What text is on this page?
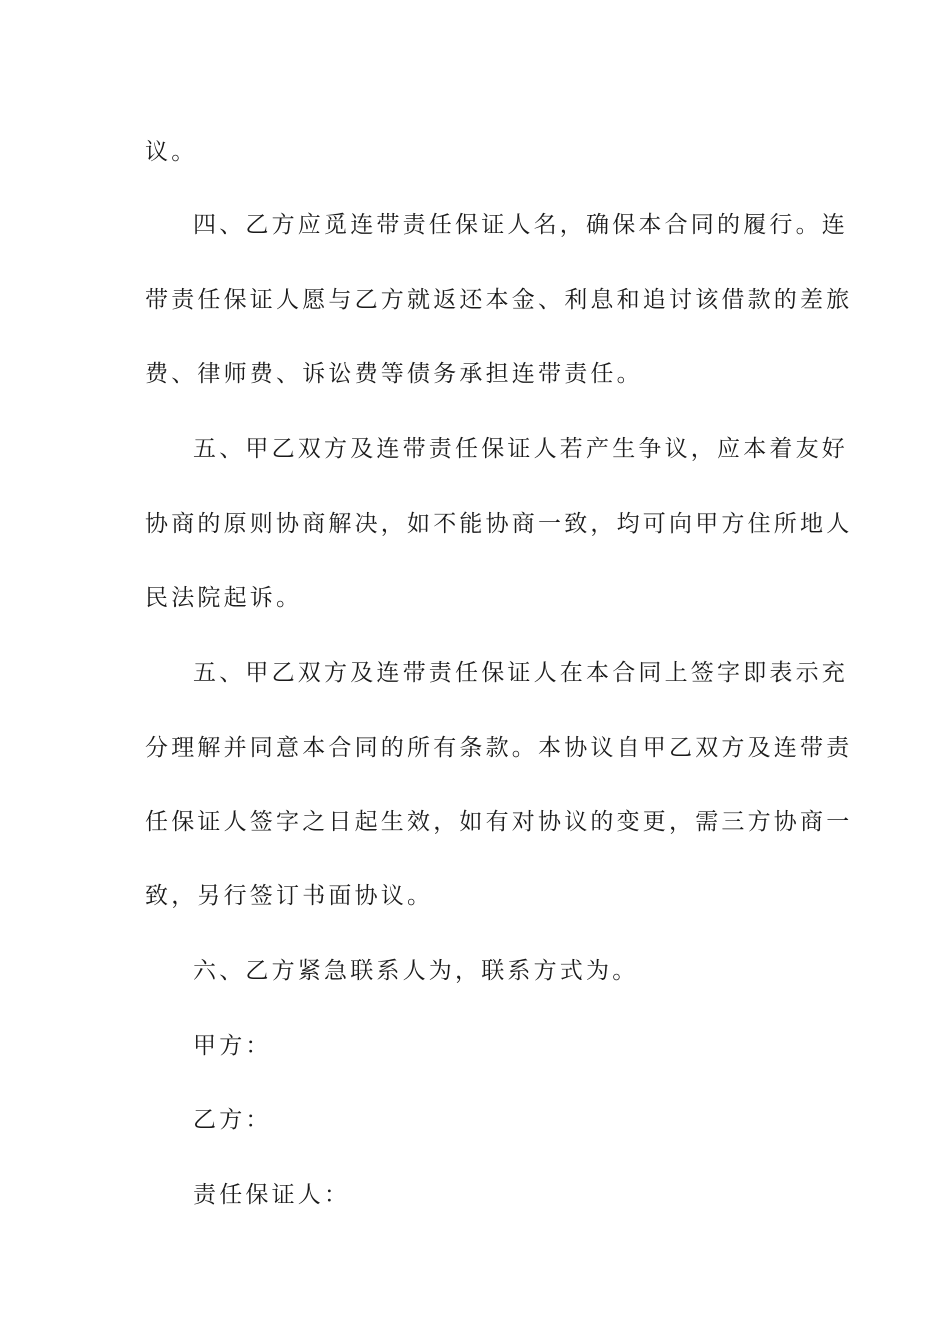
议。

四、乙方应觅连带责任保证人名，确保本合同的履行。连

带责任保证人愿与乙方就返还本金、利息和追讨该借款的差旅

费、律师费、诉讼费等债务承担连带责任。

五、甲乙双方及连带责任保证人若产生争议，应本着友好

协商的原则协商解决，如不能协商一致，均可向甲方住所地人

民法院起诉。

五、甲乙双方及连带责任保证人在本合同上签字即表示充

分理解并同意本合同的所有条款。本协议自甲乙双方及连带责

任保证人签字之日起生效，如有对协议的变更，需三方协商一

致，另行签订书面协议。

六、乙方紧急联系人为，联系方式为。

甲方：

乙方：

责任保证人：
